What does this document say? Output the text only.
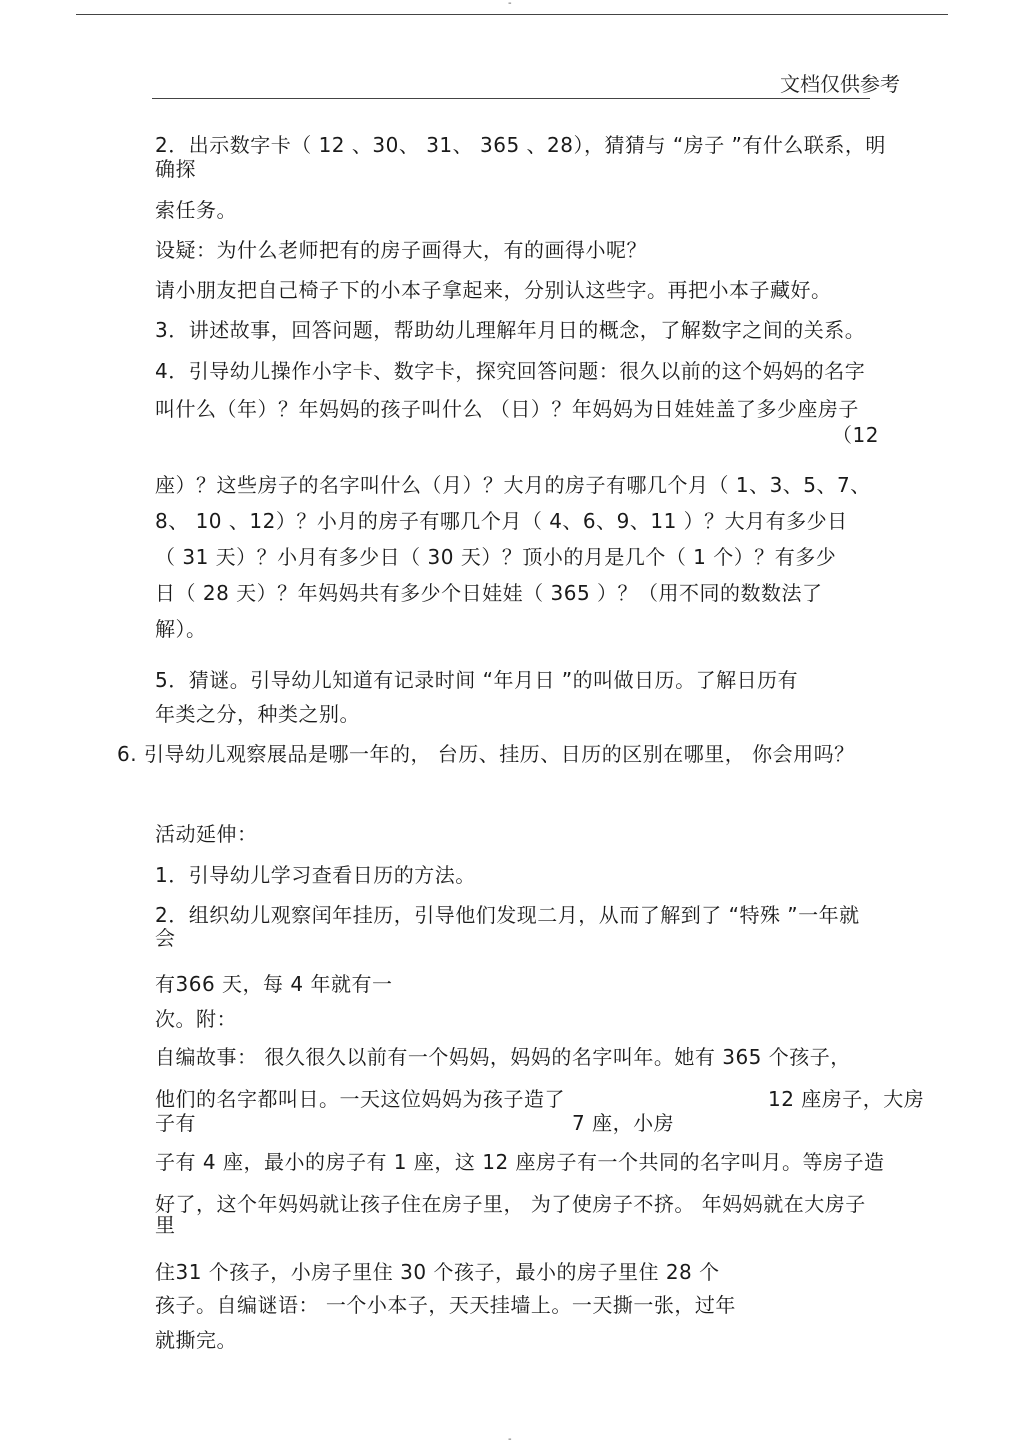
-
文档仅供参考
2．出示数字卡（ 12 、30、 31、 365 、28），猜猜与 “房子 ”有什么联系，明
确探
索任务。
设疑：为什么老师把有的房子画得大，有的画得小呢？
请小朋友把自己椅子下的小本子拿起来，分别认这些字。再把小本子藏好。
3．讲述故事，回答问题，帮助幼儿理解年月日的概念，了解数字之间的关系。
4．引导幼儿操作小字卡、数字卡，探究回答问题：很久以前的这个妈妈的名字
叫什么（年）？年妈妈的孩子叫什么 （日）？年妈妈为日娃娃盖了多少座房子
（12
座）？这些房子的名字叫什么（月）？大月的房子有哪几个月（ 1、3、5、7、
8、 10 、12）？小月的房子有哪几个月（ 4、6、9、11 ）？大月有多少日
（ 31 天）？小月有多少日（ 30 天）？顶小的月是几个（ 1 个）？有多少
日（ 28 天）？年妈妈共有多少个日娃娃（ 365 ）？（用不同的数数法了
解）。
5．猜谜。引导幼儿知道有记录时间 “年月日 ”的叫做日历。了解日历有
年类之分，种类之别。
6. 引导幼儿观察展品是哪一年的， 台历、挂历、日历的区别在哪里， 你会用吗？
活动延伸：
1．引导幼儿学习查看日历的方法。
2．组织幼儿观察闰年挂历，引导他们发现二月，从而了解到了 “特殊 ”一年就
会
有366 天，每 4 年就有一
次。附：
自编故事： 很久很久以前有一个妈妈，妈妈的名字叫年。她有 365 个孩子，
他们的名字都叫日。一天这位妈妈为孩子造了	12 座房子，大房
子有	7 座，小房
子有 4 座，最小的房子有 1 座，这 12 座房子有一个共同的名字叫月。等房子造
好了，这个年妈妈就让孩子住在房子里， 为了使房子不挤。 年妈妈就在大房子
里
住31 个孩子，小房子里住 30 个孩子，最小的房子里住 28 个
孩子。自编谜语： 一个小本子，天天挂墙上。一天撕一张，过年
就撕完。
-
